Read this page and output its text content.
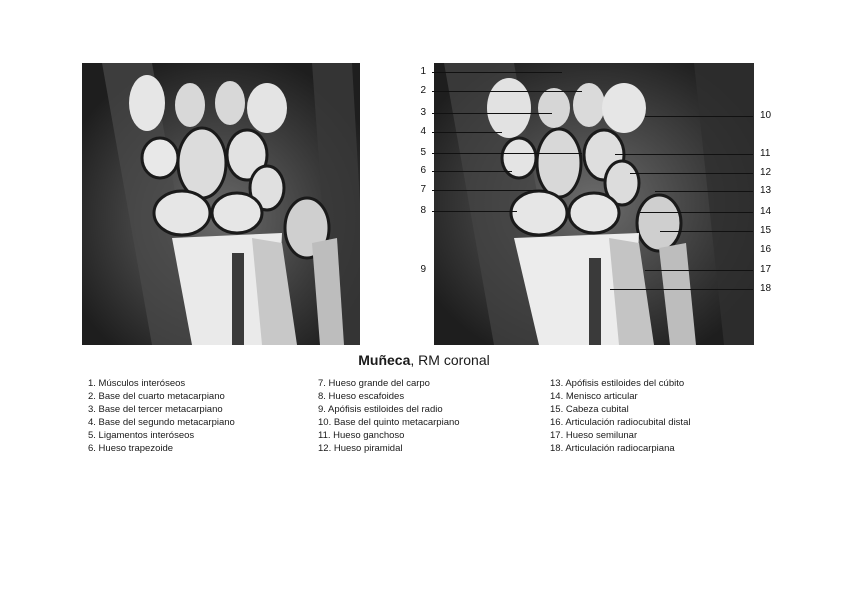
1
2
3
4
5
6
7
8
9
10
11
12
13
14
15
16
17
18
Muñeca, RM coronal
1. Músculos interóseos
2. Base del cuarto metacarpiano
3. Base del tercer metacarpiano
4. Base del segundo metacarpiano
5. Ligamentos interóseos
6. Hueso trapezoide
7. Hueso grande del carpo
8. Hueso escafoides
9. Apófisis estiloides del radio
10. Base del quinto metacarpiano
11. Hueso ganchoso
12. Hueso piramidal
13. Apófisis estiloides del cúbito
14. Menisco articular
15. Cabeza cubital
16. Articulación radiocubital distal
17. Hueso semilunar
18. Articulación radiocarpiana
